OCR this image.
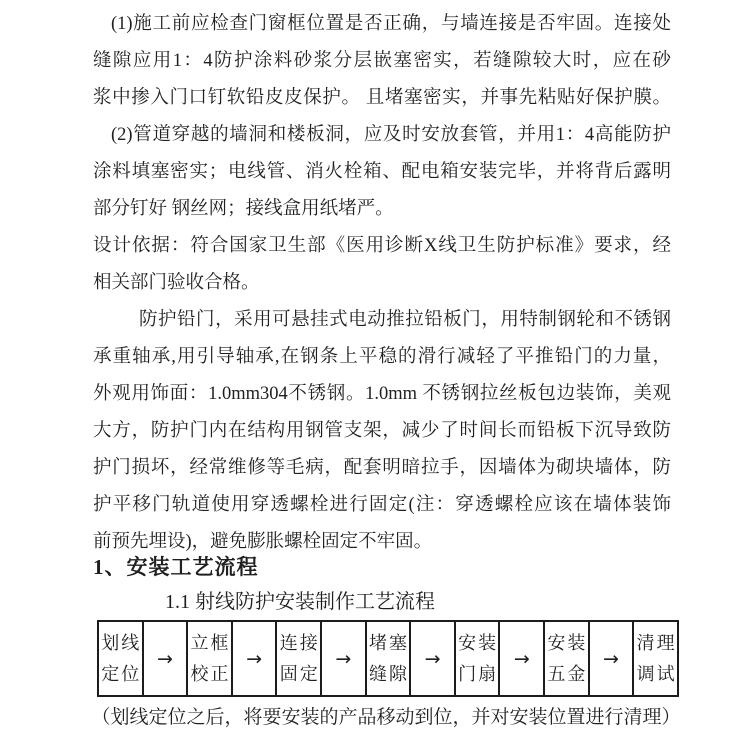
(1)施工前应检查门窗框位置是否正确，与墙连接是否牢固。连接处
缝隙应用1：4防护涂料砂浆分层嵌塞密实，若缝隙较大时，应在砂
浆中掺入门口钉软铅皮皮保护。 且堵塞密实，并事先粘贴好保护膜。
(2)管道穿越的墙洞和楼板洞，应及时安放套管，并用1：4高能防护
涂料填塞密实；电线管、消火栓箱、配电箱安装完毕，并将背后露明
部分钉好 钢丝网；接线盒用纸堵严。
设计依据：符合国家卫生部《医用诊断X线卫生防护标准》要求，经
相关部门验收合格。
防护铅门，采用可悬挂式电动推拉铅板门，用特制钢轮和不锈钢
承重轴承,用引导轴承,在钢条上平稳的滑行减轻了平推铅门的力量，
外观用饰面：1.0mm304不锈钢。1.0mm 不锈钢拉丝板包边装饰，美观
大方，防护门内在结构用钢管支架，减少了时间长而铅板下沉导致防
护门损坏，经常维修等毛病，配套明暗拉手，因墙体为砌块墙体，防
护平移门轨道使用穿透螺栓进行固定(注：穿透螺栓应该在墙体装饰
前预先埋设)，避免膨胀螺栓固定不牢固。
1、安装工艺流程
1.1 射线防护安装制作工艺流程
划线
定位
→
立框
校正
→
连接
固定
→
堵塞
缝隙
→
安装
门扇
→
安装
五金
→
清理
调试
（划线定位之后，将要安装的产品移动到位，并对安装位置进行清理）
